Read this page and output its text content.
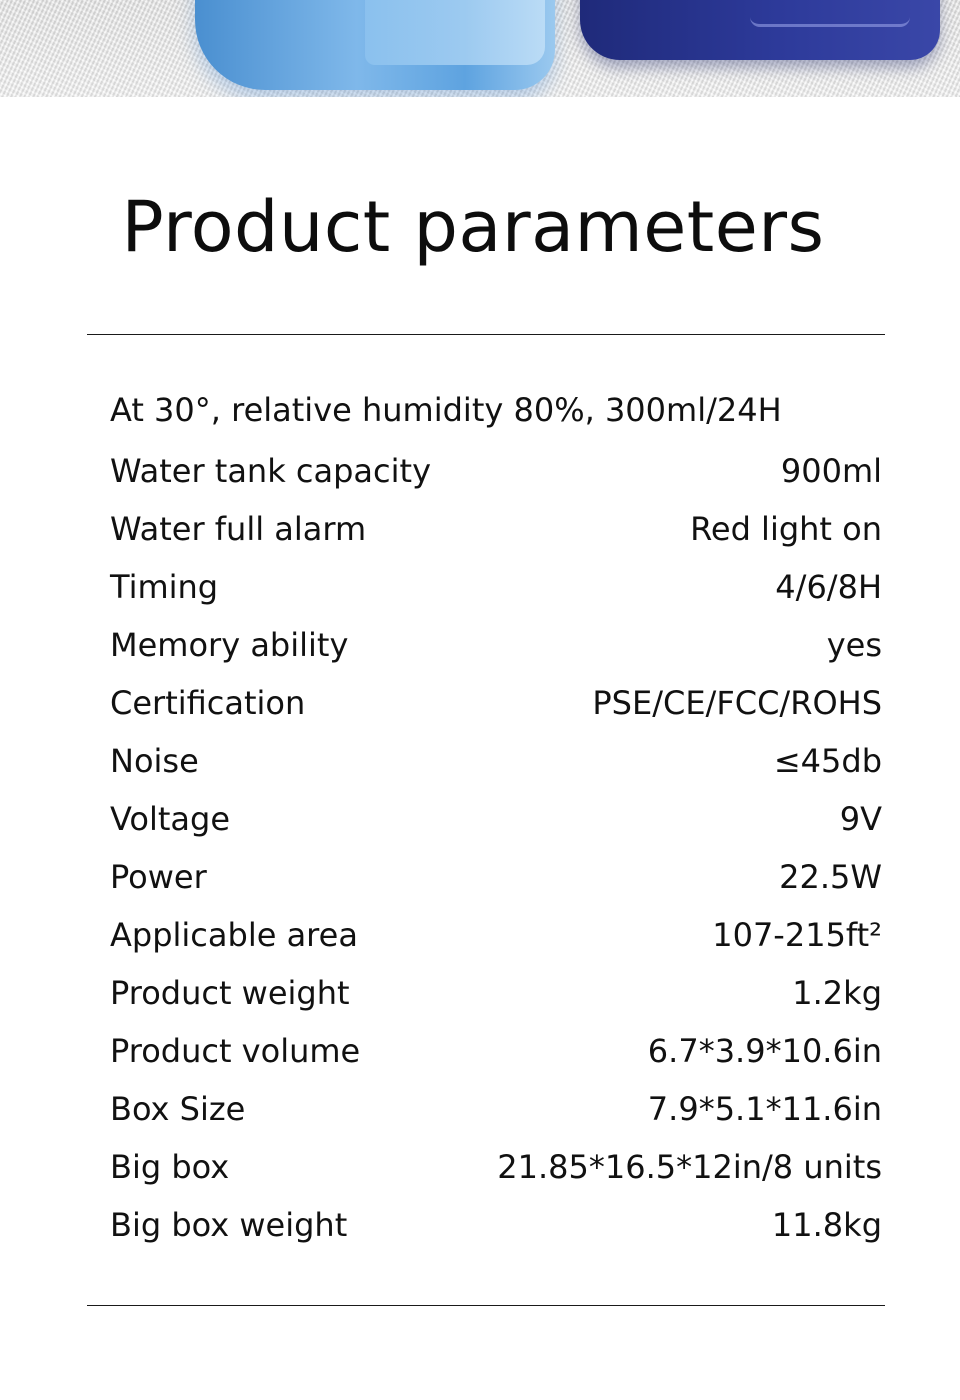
Product parameters
At 30°, relative humidity 80%, 300ml/24H
Water tank capacity	900ml
Water full alarm	Red light on
Timing	4/6/8H
Memory ability	yes
Certification	PSE/CE/FCC/ROHS
Noise	≤45db
Voltage	9V
Power	22.5W
Applicable area	107-215ft²
Product weight	1.2kg
Product volume	6.7*3.9*10.6in
Box Size	7.9*5.1*11.6in
Big box	21.85*16.5*12in/8 units
Big box weight	11.8kg
